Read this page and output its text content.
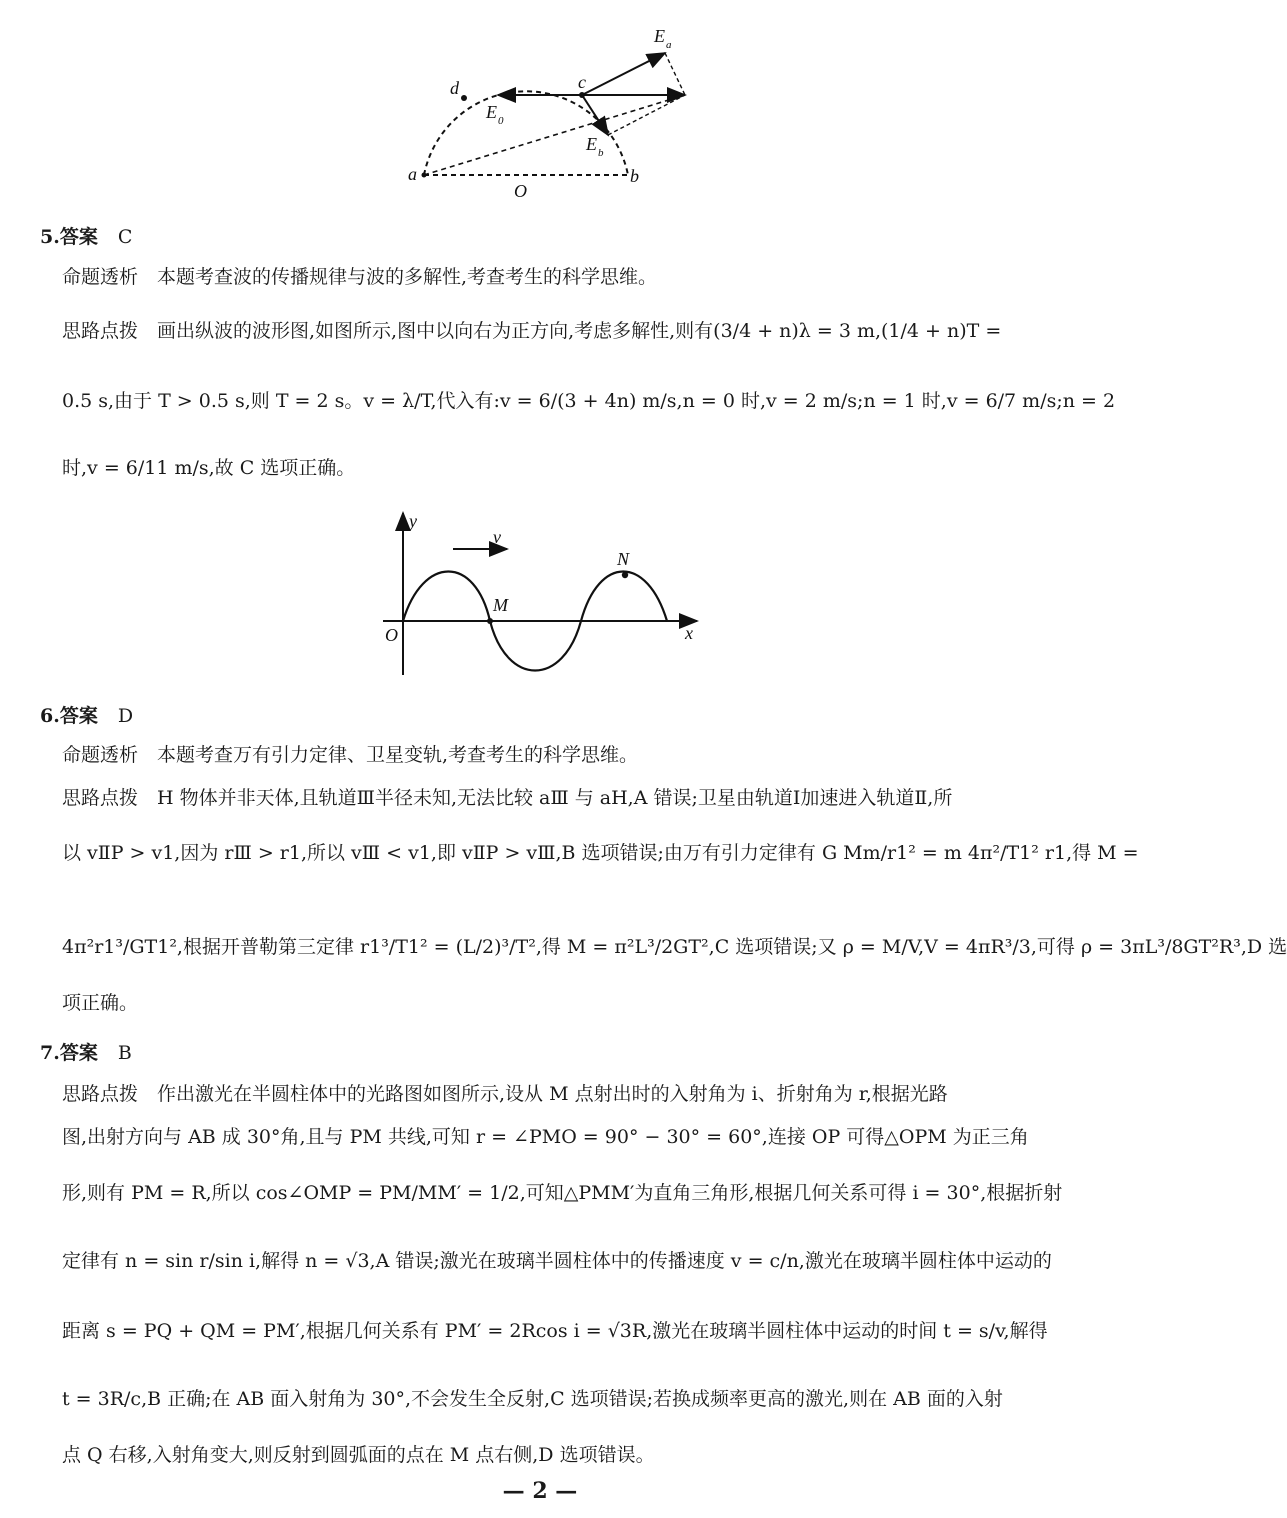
a	b
c
d
O
E a
E b
E 0
5.答案 C
命题透析　本题考查波的传播规律与波的多解性,考查考生的科学思维。
思路点拨　画出纵波的波形图,如图所示,图中以向右为正方向,考虑多解性,则有(3/4 + n)λ = 3 m,(1/4 + n)T =
0.5 s,由于 T > 0.5 s,则 T = 2 s。v = λ/T,代入有:v = 6/(3 + 4n) m/s,n = 0 时,v = 2 m/s;n = 1 时,v = 6/7 m/s;n = 2
时,v = 6/11 m/s,故 C 选项正确。
y
x
O
v
M
N
6.答案 D
命题透析　本题考查万有引力定律、卫星变轨,考查考生的科学思维。
思路点拨　H 物体并非天体,且轨道Ⅲ半径未知,无法比较 aⅢ 与 aH,A 错误;卫星由轨道Ⅰ加速进入轨道Ⅱ,所
以 vⅡP > v1,因为 rⅢ > r1,所以 vⅢ < v1,即 vⅡP > vⅢ,B 选项错误;由万有引力定律有 G Mm/r1² = m 4π²/T1² r1,得 M =
4π²r1³/GT1²,根据开普勒第三定律 r1³/T1² = (L/2)³/T²,得 M = π²L³/2GT²,C 选项错误;又 ρ = M/V,V = 4πR³/3,可得 ρ = 3πL³/8GT²R³,D 选
项正确。
7.答案 B
思路点拨　作出激光在半圆柱体中的光路图如图所示,设从 M 点射出时的入射角为 i、折射角为 r,根据光路
图,出射方向与 AB 成 30°角,且与 PM 共线,可知 r = ∠PMO = 90° − 30° = 60°,连接 OP 可得△OPM 为正三角
形,则有 PM = R,所以 cos∠OMP = PM/MM′ = 1/2,可知△PMM′为直角三角形,根据几何关系可得 i = 30°,根据折射
定律有 n = sin r/sin i,解得 n = √3,A 错误;激光在玻璃半圆柱体中的传播速度 v = c/n,激光在玻璃半圆柱体中运动的
距离 s = PQ + QM = PM′,根据几何关系有 PM′ = 2Rcos i = √3R,激光在玻璃半圆柱体中运动的时间 t = s/v,解得
t = 3R/c,B 正确;在 AB 面入射角为 30°,不会发生全反射,C 选项错误;若换成频率更高的激光,则在 AB 面的入射
点 Q 右移,入射角变大,则反射到圆弧面的点在 M 点右侧,D 选项错误。
— 2 —
